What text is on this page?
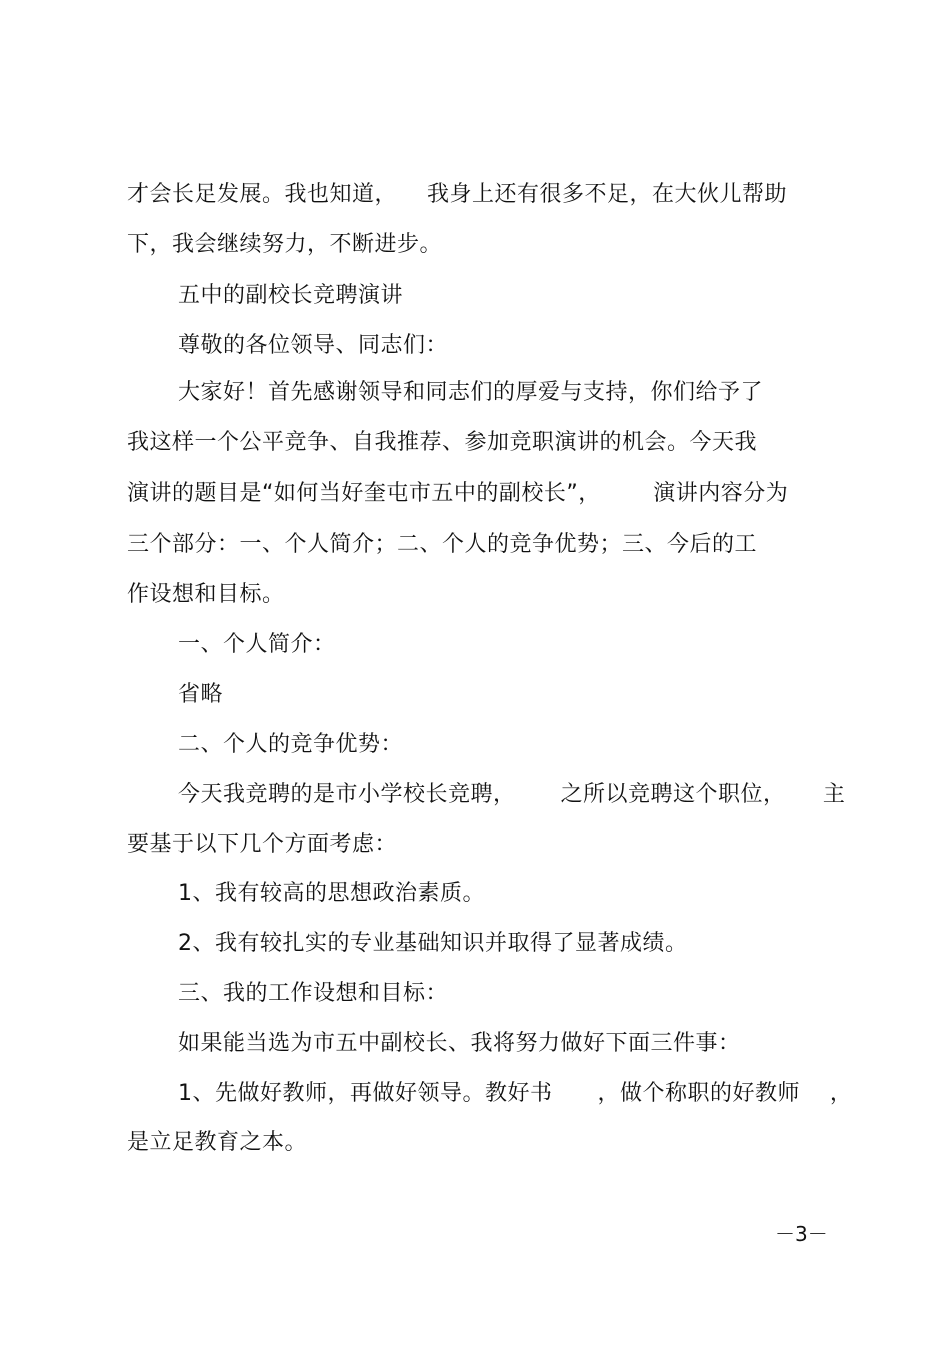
才会长足发展。我也知道，    我身上还有很多不足，在大伙儿帮助
下，我会继续努力，不断进步。
五中的副校长竞聘演讲
尊敬的各位领导、同志们：
大家好！首先感谢领导和同志们的厚爱与支持，你们给予了
我这样一个公平竞争、自我推荐、参加竞职演讲的机会。今天我
演讲的题目是“如何当好奎屯市五中的副校长”，       演讲内容分为
三个部分：一、个人简介；二、个人的竞争优势；三、今后的工
作设想和目标。
一、个人简介：
省略
二、个人的竞争优势：
今天我竞聘的是市小学校长竞聘，      之所以竞聘这个职位，     主
要基于以下几个方面考虑：
1、我有较高的思想政治素质。
2、我有较扎实的专业基础知识并取得了显著成绩。
三、我的工作设想和目标：
如果能当选为市五中副校长、我将努力做好下面三件事：
1、先做好教师，再做好领导。教好书      ，做个称职的好教师    ，
是立足教育之本。
－3－
